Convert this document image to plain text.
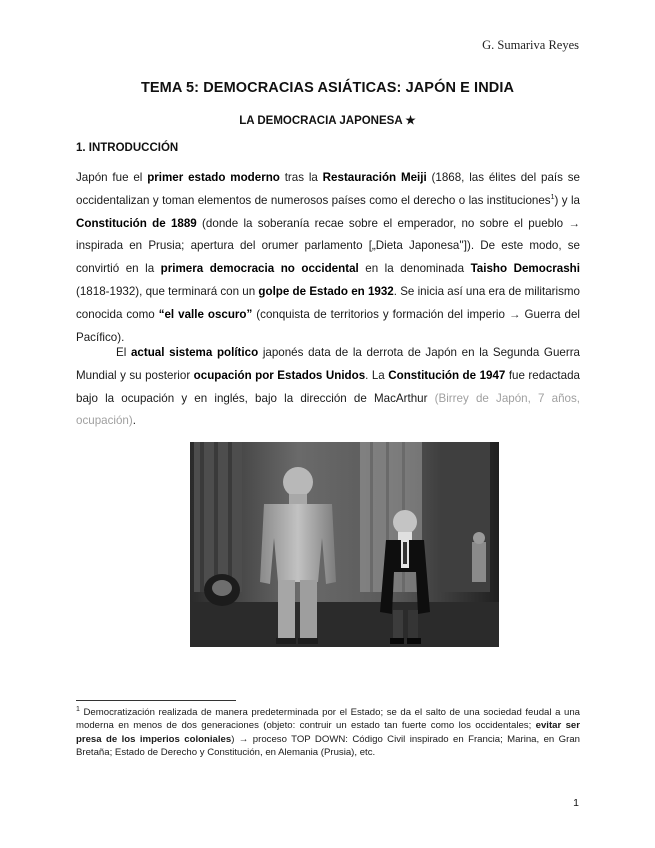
G. Sumariva Reyes
TEMA 5: DEMOCRACIAS ASIÁTICAS: JAPÓN E INDIA
LA DEMOCRACIA JAPONESA ★
1. INTRODUCCIÓN
Japón fue el primer estado moderno tras la Restauración Meiji (1868, las élites del país se occidentalizan y toman elementos de numerosos países como el derecho o las instituciones$^1$) y la Constitución de 1889 (donde la soberanía recae sobre el emperador, no sobre el pueblo → inspirada en Prusia; apertura del orumer parlamento [„Dieta Japonesa'']). De este modo, se convirtió en la primera democracia no occidental en la denominada Taisho Democrashi (1818-1932), que terminará con un golpe de Estado en 1932. Se inicia así una era de militarismo conocida como “el valle oscuro” (conquista de territorios y formación del imperio → Guerra del Pacífico).
El actual sistema político japonés data de la derrota de Japón en la Segunda Guerra Mundial y su posterior ocupación por Estados Unidos. La Constitución de 1947 fue redactada bajo la ocupación y en inglés, bajo la dirección de MacArthur (Birrey de Japón, 7 años, ocupación).
$^1$ Democratización realizada de manera predeterminada por el Estado; se da el salto de una sociedad feudal a una moderna en menos de dos generaciones (objeto: contruir un estado tan fuerte como los occidentales; evitar ser presa de los imperios coloniales) → proceso TOP DOWN: Código Civil inspirado en Francia; Marina, en Gran Bretaña; Estado de Derecho y Constitución, en Alemania (Prusia), etc.
1
